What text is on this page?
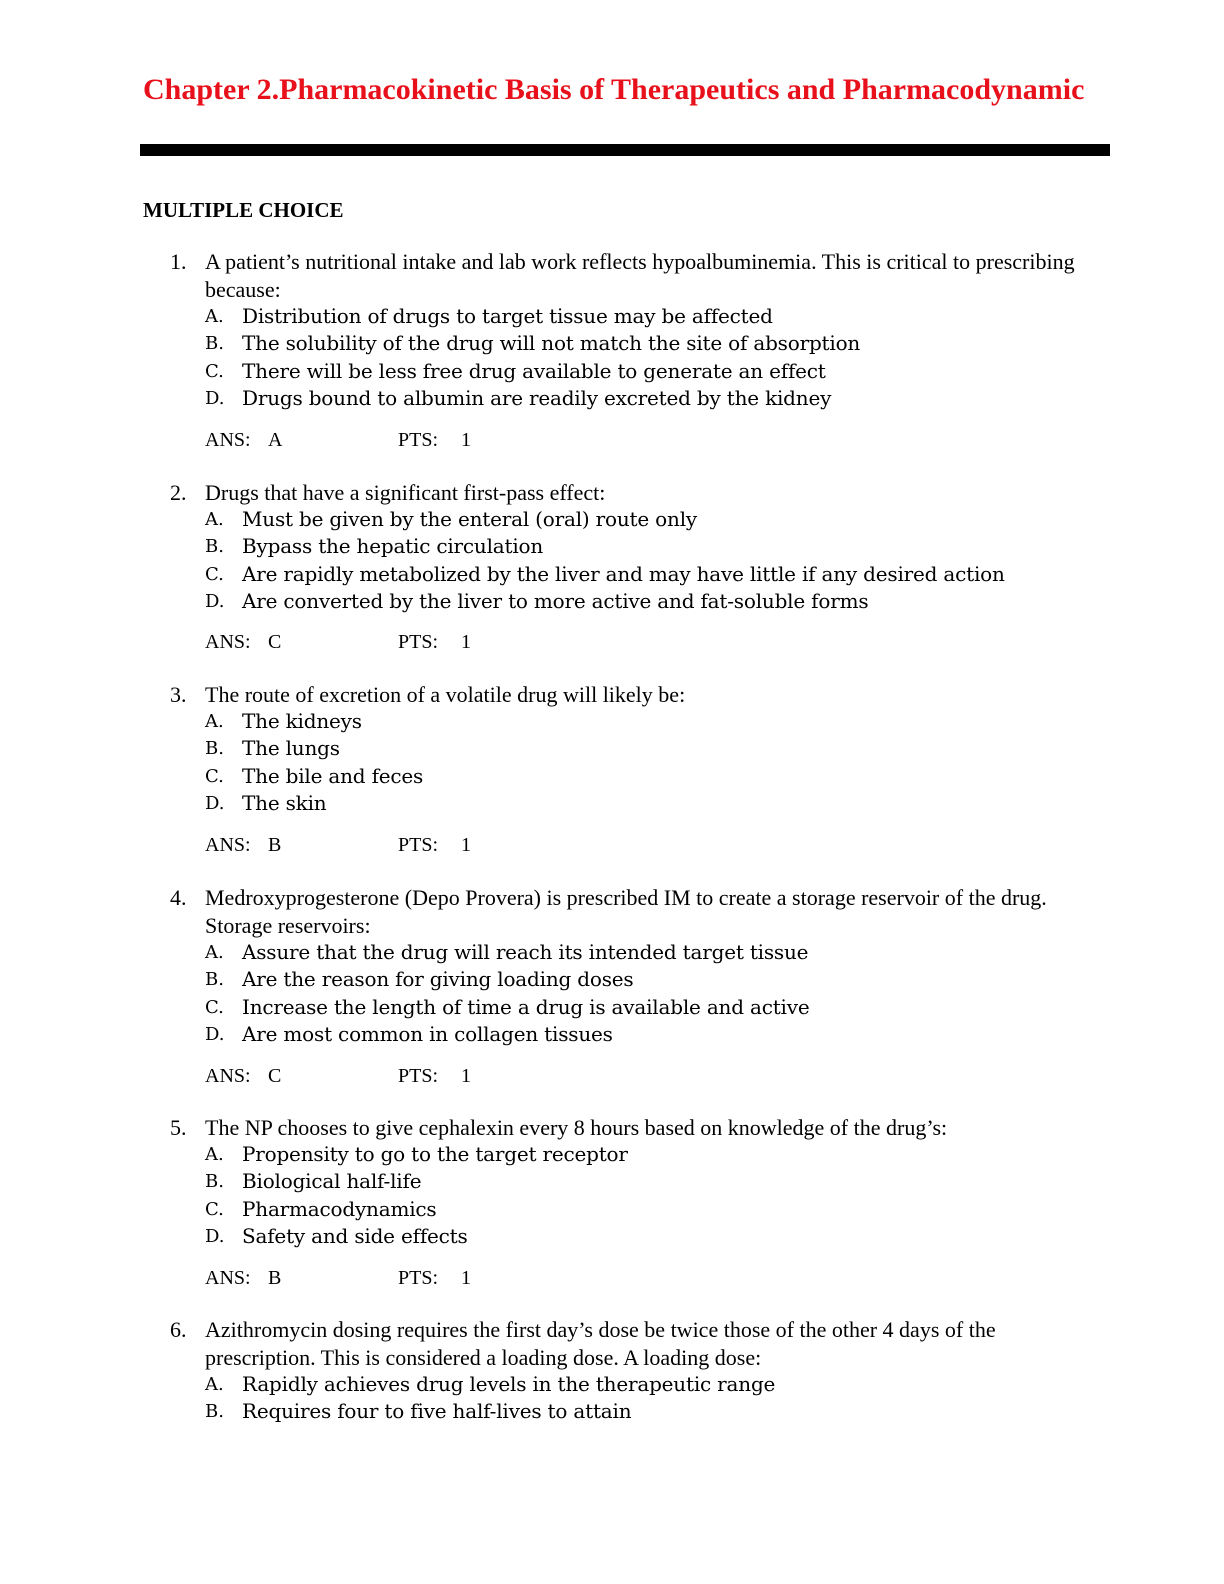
Chapter 2.Pharmacokinetic Basis of Therapeutics and Pharmacodynamic
MULTIPLE CHOICE
1. A patient’s nutritional intake and lab work reflects hypoalbuminemia. This is critical to prescribing because:
A. Distribution of drugs to target tissue may be affected
B. The solubility of the drug will not match the site of absorption
C. There will be less free drug available to generate an effect
D. Drugs bound to albumin are readily excreted by the kidney
ANS: A	PTS: 1
2. Drugs that have a significant first-pass effect:
A. Must be given by the enteral (oral) route only
B. Bypass the hepatic circulation
C. Are rapidly metabolized by the liver and may have little if any desired action
D. Are converted by the liver to more active and fat-soluble forms
ANS: C	PTS: 1
3. The route of excretion of a volatile drug will likely be:
A. The kidneys
B. The lungs
C. The bile and feces
D. The skin
ANS: B	PTS: 1
4. Medroxyprogesterone (Depo Provera) is prescribed IM to create a storage reservoir of the drug. Storage reservoirs:
A. Assure that the drug will reach its intended target tissue
B. Are the reason for giving loading doses
C. Increase the length of time a drug is available and active
D. Are most common in collagen tissues
ANS: C	PTS: 1
5. The NP chooses to give cephalexin every 8 hours based on knowledge of the drug’s:
A. Propensity to go to the target receptor
B. Biological half-life
C. Pharmacodynamics
D. Safety and side effects
ANS: B	PTS: 1
6. Azithromycin dosing requires the first day’s dose be twice those of the other 4 days of the prescription. This is considered a loading dose. A loading dose:
A. Rapidly achieves drug levels in the therapeutic range
B. Requires four to five half-lives to attain
